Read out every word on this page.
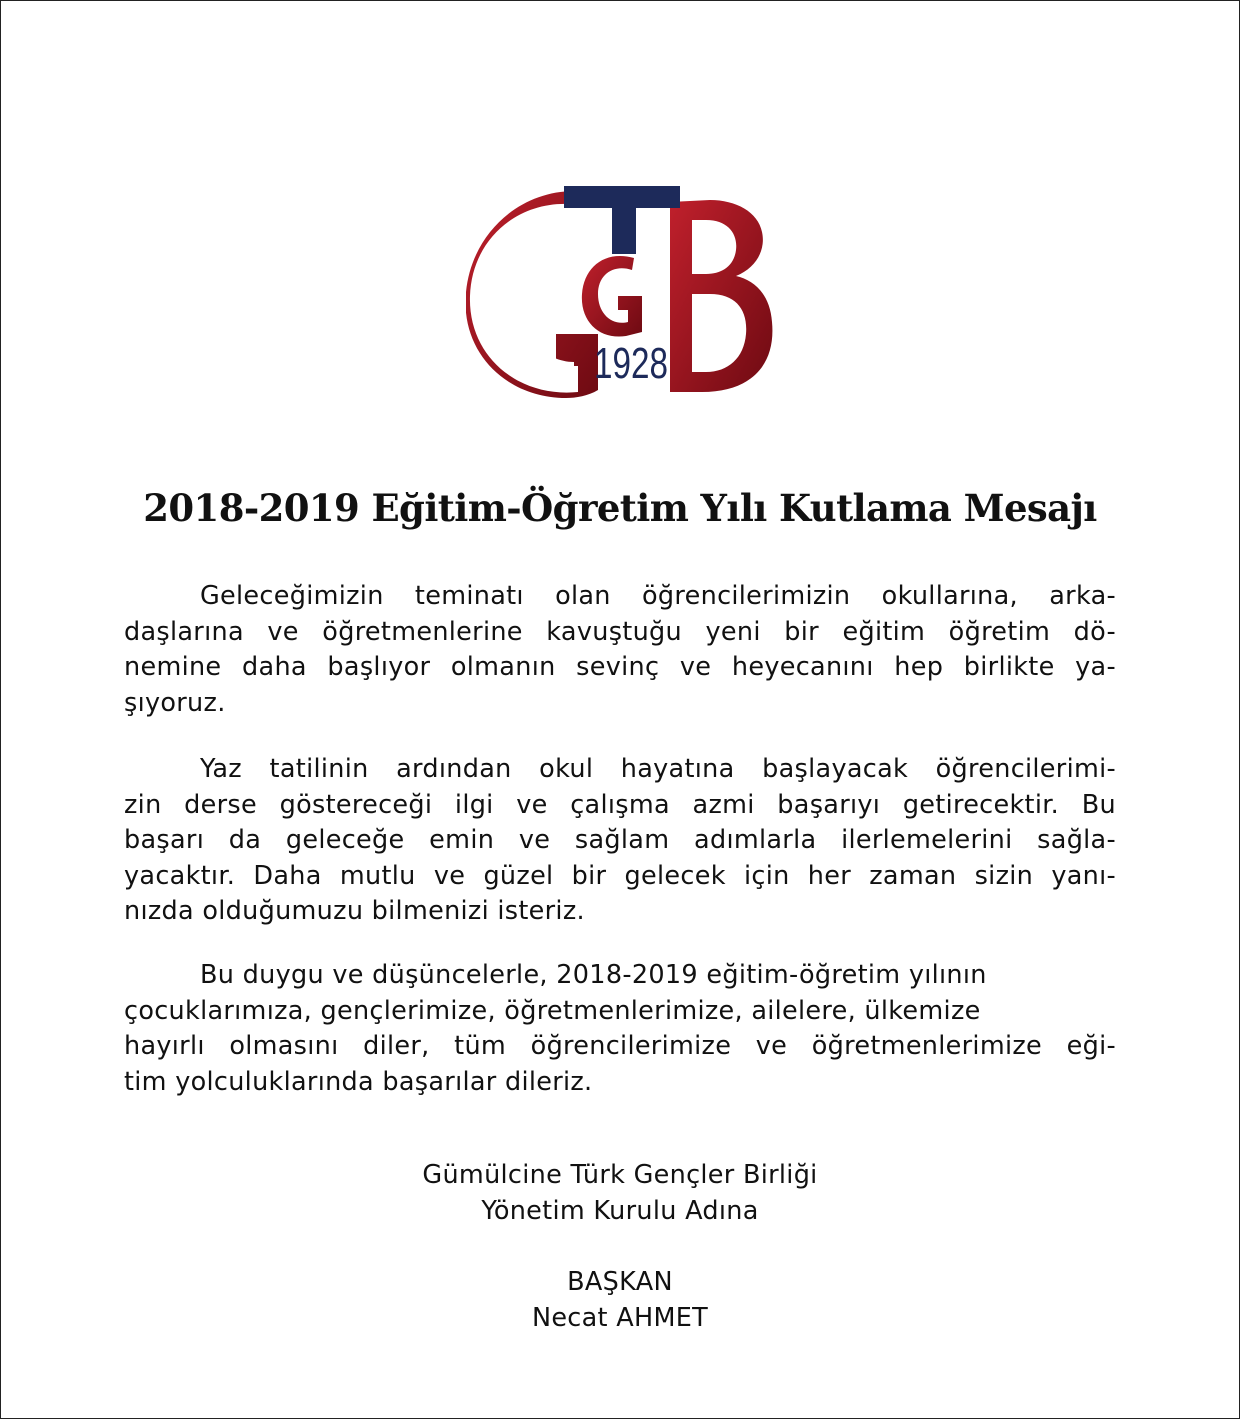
1928
2018-2019 Eğitim-Öğretim Yılı Kutlama Mesajı
Geleceğimizin teminatı olan öğrencilerimizin okullarına, arka-
daşlarına ve öğretmenlerine kavuştuğu yeni bir eğitim öğretim dö-
nemine daha başlıyor olmanın sevinç ve heyecanını hep birlikte ya-
şıyoruz.
Yaz tatilinin ardından okul hayatına başlayacak öğrencilerimi-
zin derse göstereceği ilgi ve çalışma azmi başarıyı getirecektir. Bu
başarı da geleceğe emin ve sağlam adımlarla ilerlemelerini sağla-
yacaktır. Daha mutlu ve güzel bir gelecek için her zaman sizin yanı-
nızda olduğumuzu bilmenizi isteriz.
Bu duygu ve düşüncelerle, 2018-2019 eğitim-öğretim yılının
çocuklarımıza, gençlerimize, öğretmenlerimize, ailelere, ülkemize
hayırlı olmasını diler, tüm öğrencilerimize ve öğretmenlerimize eği-
tim yolculuklarında başarılar dileriz.
Gümülcine Türk Gençler Birliği
Yönetim Kurulu Adına
BAŞKAN
Necat AHMET
